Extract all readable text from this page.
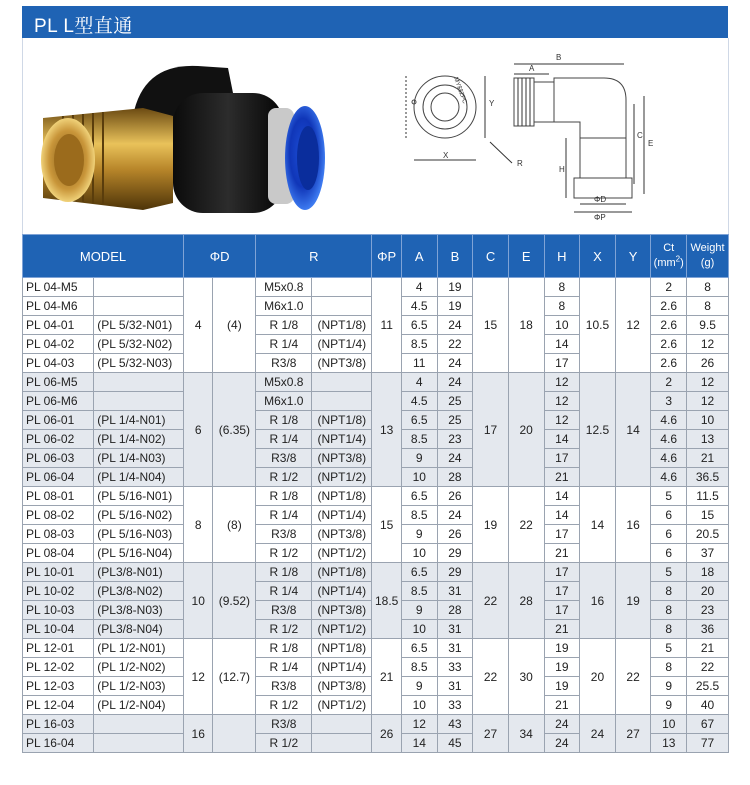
PL L型直通
MY$$ZPC	Y
X
R
B
A
E
C
H
ΦD
ΦP
MODEL		ΦD		R		ΦP	A	B	C	E	H	X	Y	Ct
$(mm^2)$	Weight
(g)
PL 04-M5		4	(4)	M5x0.8		11	4	19	15	18	8	10.5	12	2	8
PL 04-M6				M6x1.0			4.5	19			8			2.6	8
PL 04-01	(PL 5/32-N01)			R 1/8	(NPT1/8)		6.5	24			10			2.6	9.5
PL 04-02	(PL 5/32-N02)			R 1/4	(NPT1/4)		8.5	22			14			2.6	12
PL 04-03	(PL 5/32-N03)			R3/8	(NPT3/8)		11	24			17			2.6	26
PL 06-M5		6	(6.35)	M5x0.8		13	4	24	17	20	12	12.5	14	2	12
PL 06-M6				M6x1.0			4.5	25			12			3	12
PL 06-01	(PL 1/4-N01)			R 1/8	(NPT1/8)		6.5	25			12			4.6	10
PL 06-02	(PL 1/4-N02)			R 1/4	(NPT1/4)		8.5	23			14			4.6	13
PL 06-03	(PL 1/4-N03)			R3/8	(NPT3/8)		9	24			17			4.6	21
PL 06-04	(PL 1/4-N04)			R 1/2	(NPT1/2)		10	28			21			4.6	36.5
PL 08-01	(PL 5/16-N01)	8	(8)	R 1/8	(NPT1/8)	15	6.5	26	19	22	14	14	16	5	11.5
PL 08-02	(PL 5/16-N02)			R 1/4	(NPT1/4)		8.5	24			14			6	15
PL 08-03	(PL 5/16-N03)			R3/8	(NPT3/8)		9	26			17			6	20.5
PL 08-04	(PL 5/16-N04)			R 1/2	(NPT1/2)		10	29			21			6	37
PL 10-01	(PL3/8-N01)	10	(9.52)	R 1/8	(NPT1/8)	18.5	6.5	29	22	28	17	16	19	5	18
PL 10-02	(PL3/8-N02)			R 1/4	(NPT1/4)		8.5	31			17			8	20
PL 10-03	(PL3/8-N03)			R3/8	(NPT3/8)		9	28			17			8	23
PL 10-04	(PL3/8-N04)			R 1/2	(NPT1/2)		10	31			21			8	36
PL 12-01	(PL 1/2-N01)	12	(12.7)	R 1/8	(NPT1/8)	21	6.5	31	22	30	19	20	22	5	21
PL 12-02	(PL 1/2-N02)			R 1/4	(NPT1/4)		8.5	33			19			8	22
PL 12-03	(PL 1/2-N03)			R3/8	(NPT3/8)		9	31			19			9	25.5
PL 12-04	(PL 1/2-N04)			R 1/2	(NPT1/2)		10	33			21			9	40
PL 16-03		16		R3/8		26	12	43	27	34	24	24	27	10	67
PL 16-04				R 1/2			14	45			24			13	77
